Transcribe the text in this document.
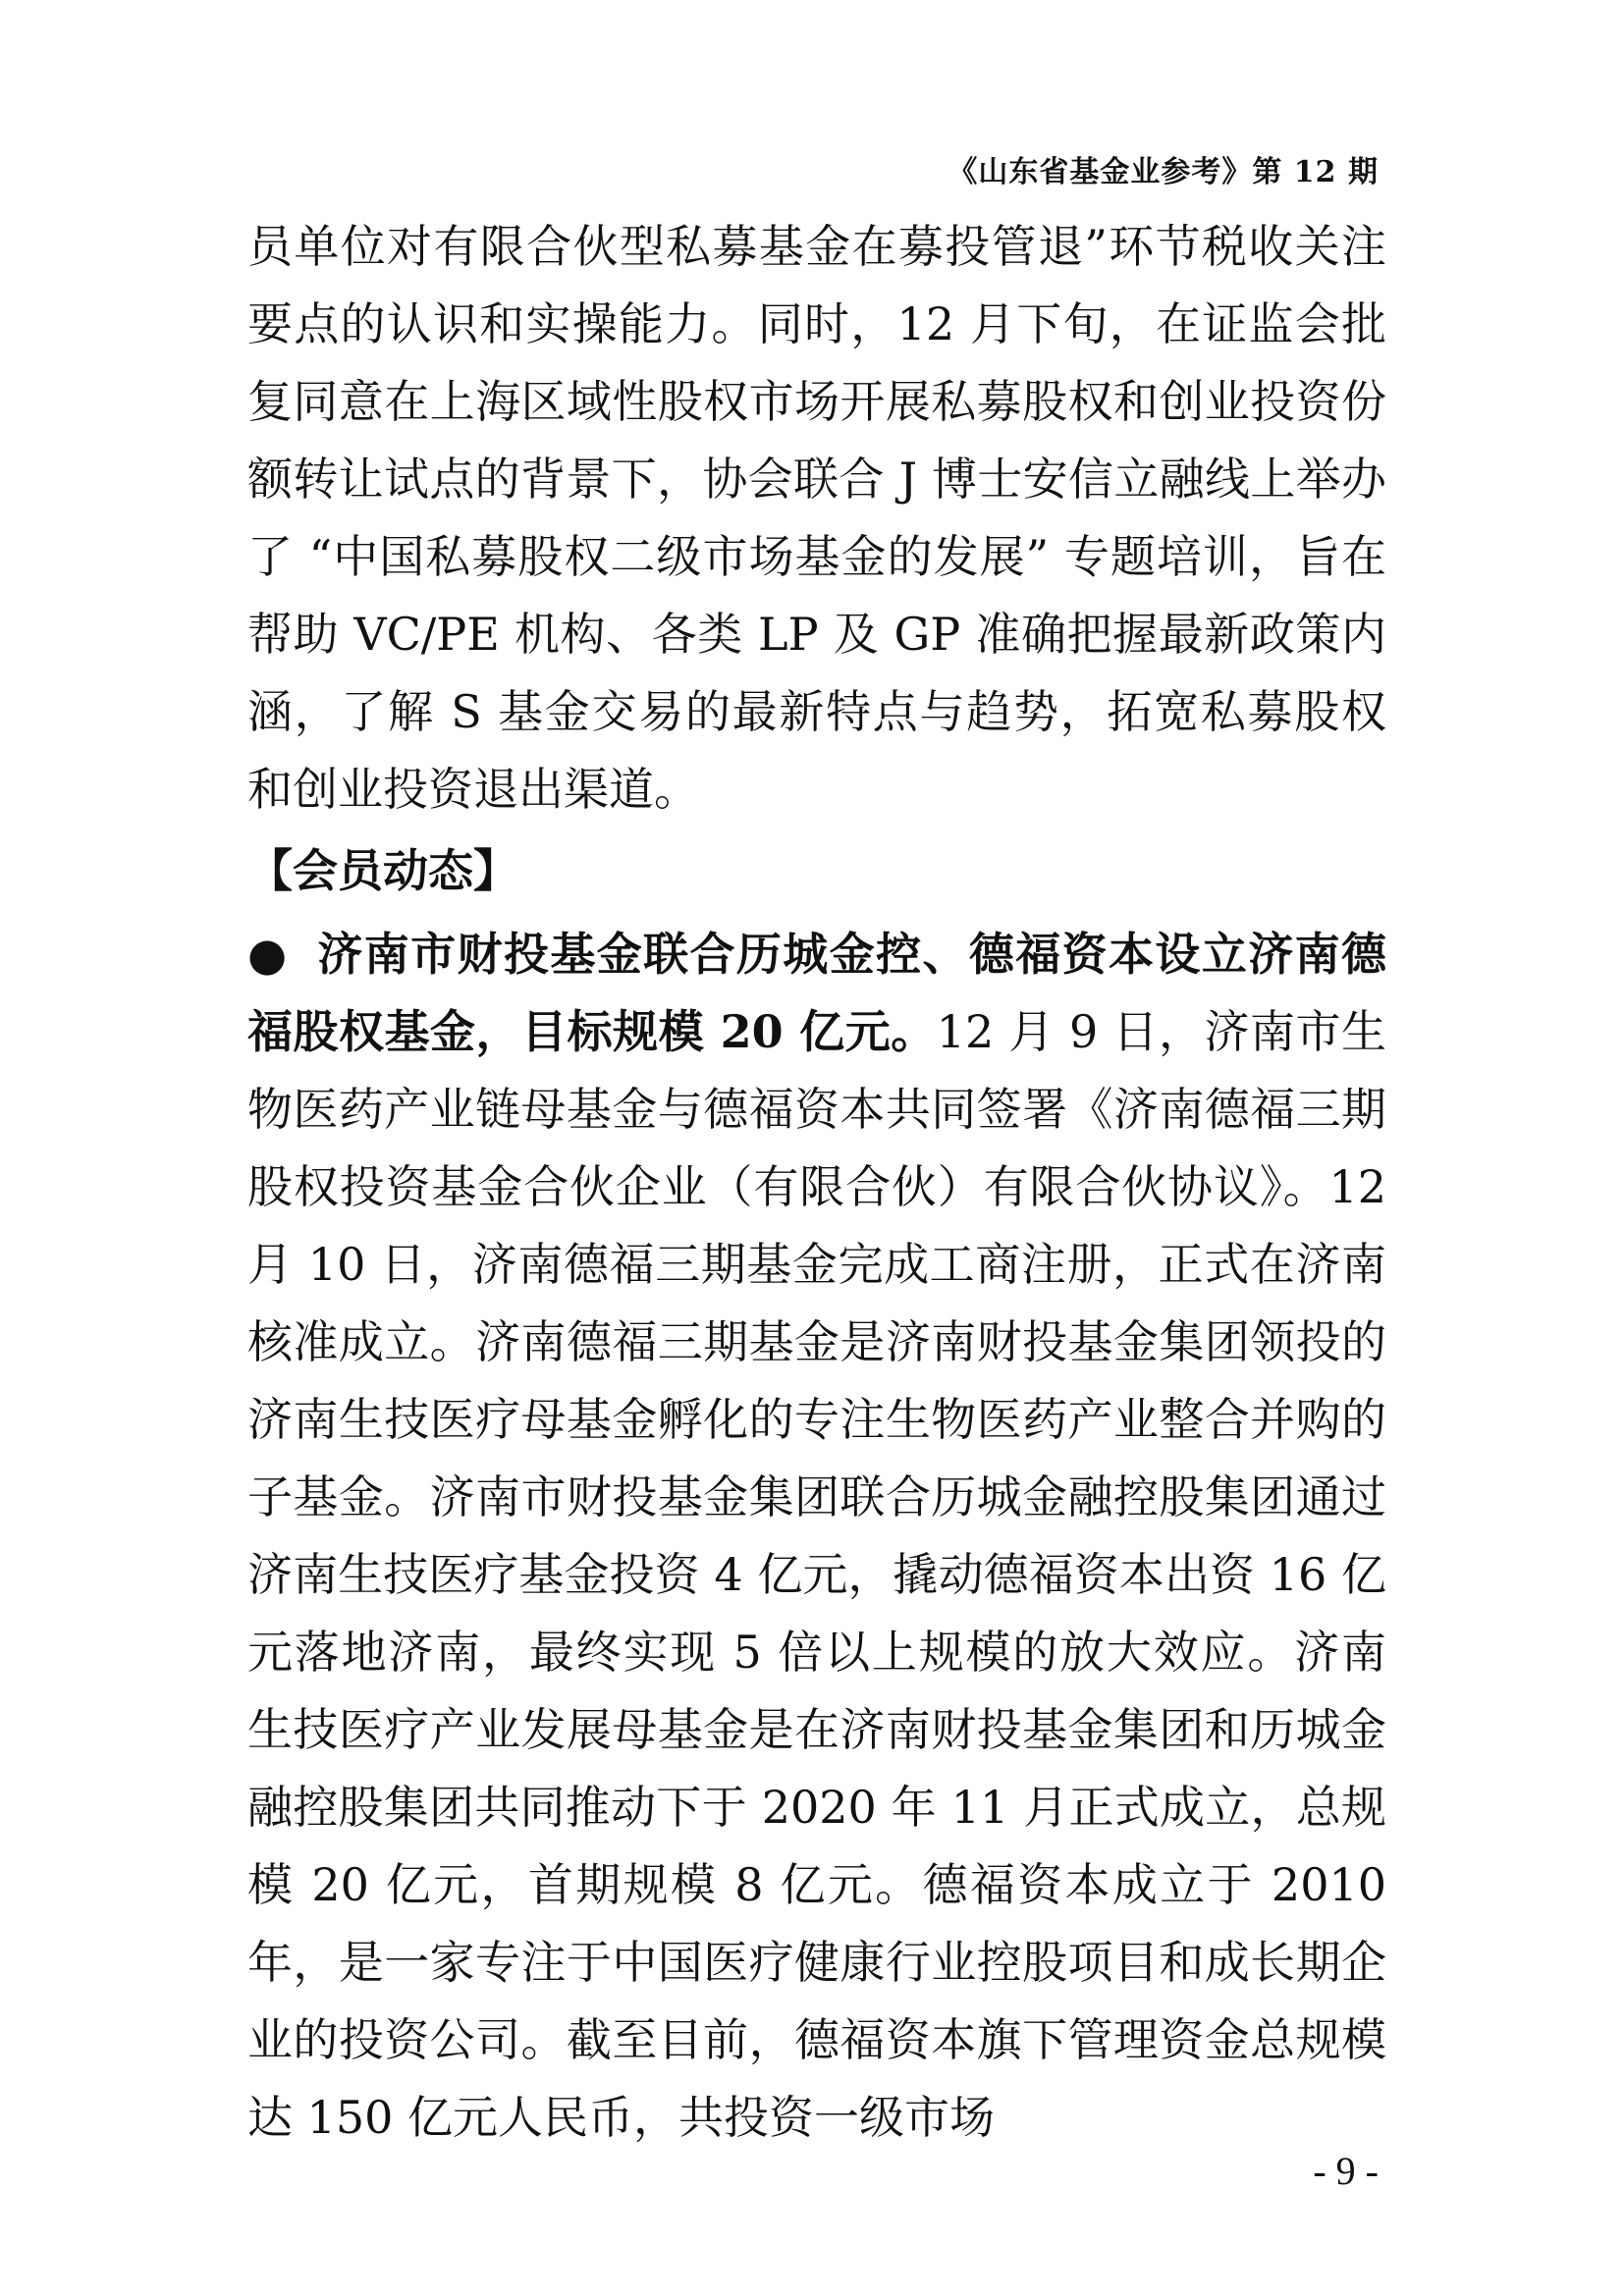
《山东省基金业参考》第 12 期

员单位对有限合伙型私募基金在募投管退”环节税收关注要点的认识和实操能力。同时，12 月下旬，在证监会批复同意在上海区域性股权市场开展私募股权和创业投资份额转让试点的背景下，协会联合 J 博士安信立融线上举办了 “中国私募股权二级市场基金的发展” 专题培训，旨在帮助 VC/PE 机构、各类 LP 及 GP 准确把握最新政策内涵，了解 S 基金交易的最新特点与趋势，拓宽私募股权和创业投资退出渠道。

【会员动态】

● 济南市财投基金联合历城金控、德福资本设立济南德福股权基金，目标规模 20 亿元。12 月 9 日，济南市生物医药产业链母基金与德福资本共同签署《济南德福三期股权投资基金合伙企业（有限合伙）有限合伙协议》。12 月 10 日，济南德福三期基金完成工商注册，正式在济南核准成立。济南德福三期基金是济南财投基金集团领投的济南生技医疗母基金孵化的专注生物医药产业整合并购的子基金。济南市财投基金集团联合历城金融控股集团通过济南生技医疗基金投资 4 亿元，撬动德福资本出资 16 亿元落地济南，最终实现 5 倍以上规模的放大效应。济南生技医疗产业发展母基金是在济南财投基金集团和历城金融控股集团共同推动下于 2020 年 11 月正式成立，总规模 20 亿元，首期规模 8 亿元。德福资本成立于 2010 年，是一家专注于中国医疗健康行业控股项目和成长期企业的投资公司。截至目前，德福资本旗下管理资金总规模达 150 亿元人民币，共投资一级市场

- 9 -
